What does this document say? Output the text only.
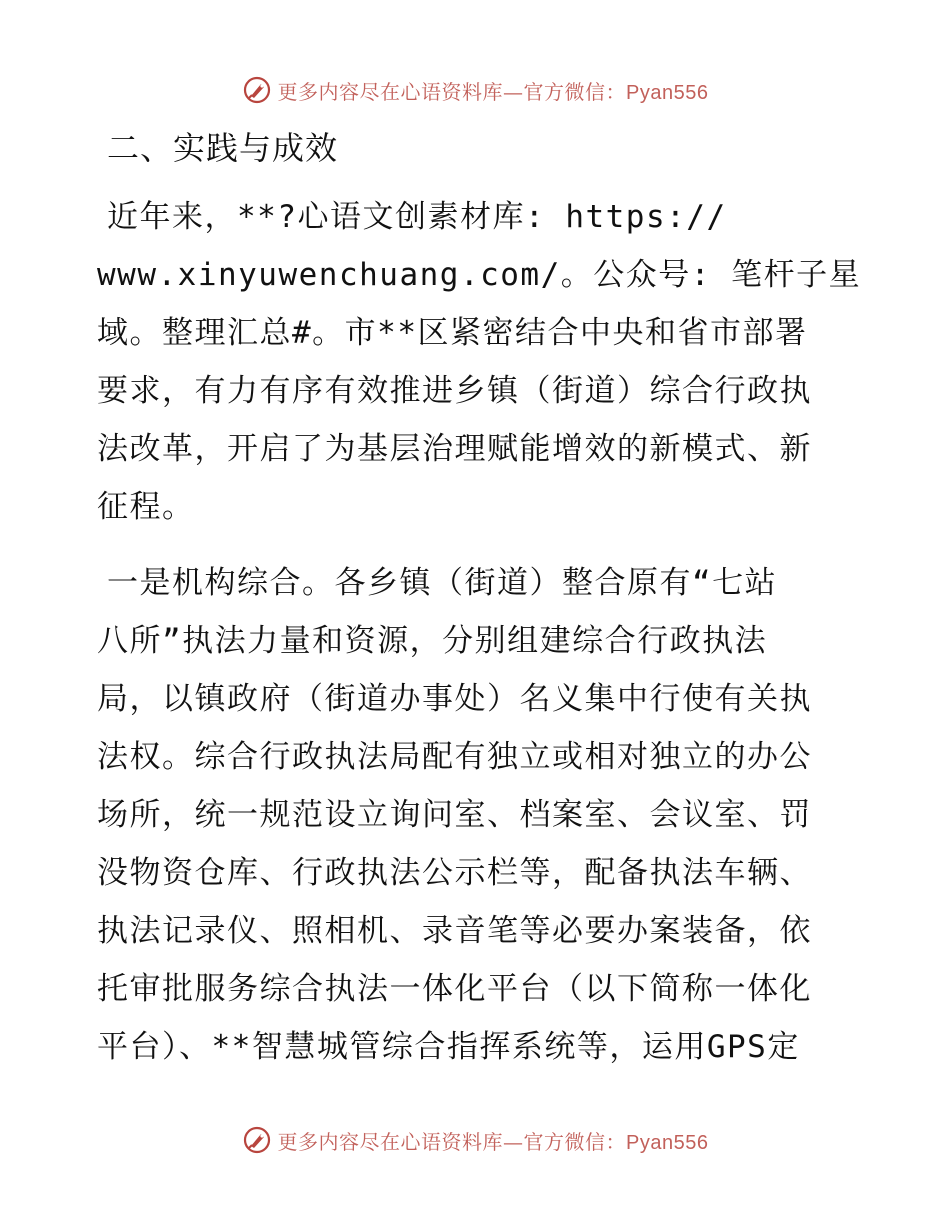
更多内容尽在心语资料库—官方微信：Pyan556
二、实践与成效

近年来，**?心语文创素材库: https://
www.xinyuwenchuang.com/。公众号: 笔杆子星
域。整理汇总#。市**区紧密结合中央和省市部署
要求，有力有序有效推进乡镇（街道）综合行政执
法改革，开启了为基层治理赋能增效的新模式、新
征程。

一是机构综合。各乡镇（街道）整合原有“七站
八所”执法力量和资源，分别组建综合行政执法
局，以镇政府（街道办事处）名义集中行使有关执
法权。综合行政执法局配有独立或相对独立的办公
场所，统一规范设立询问室、档案室、会议室、罚
没物资仓库、行政执法公示栏等，配备执法车辆、
执法记录仪、照相机、录音笔等必要办案装备，依
托审批服务综合执法一体化平台（以下简称一体化
平台）、**智慧城管综合指挥系统等，运用GPS定

更多内容尽在心语资料库—官方微信：Pyan556
